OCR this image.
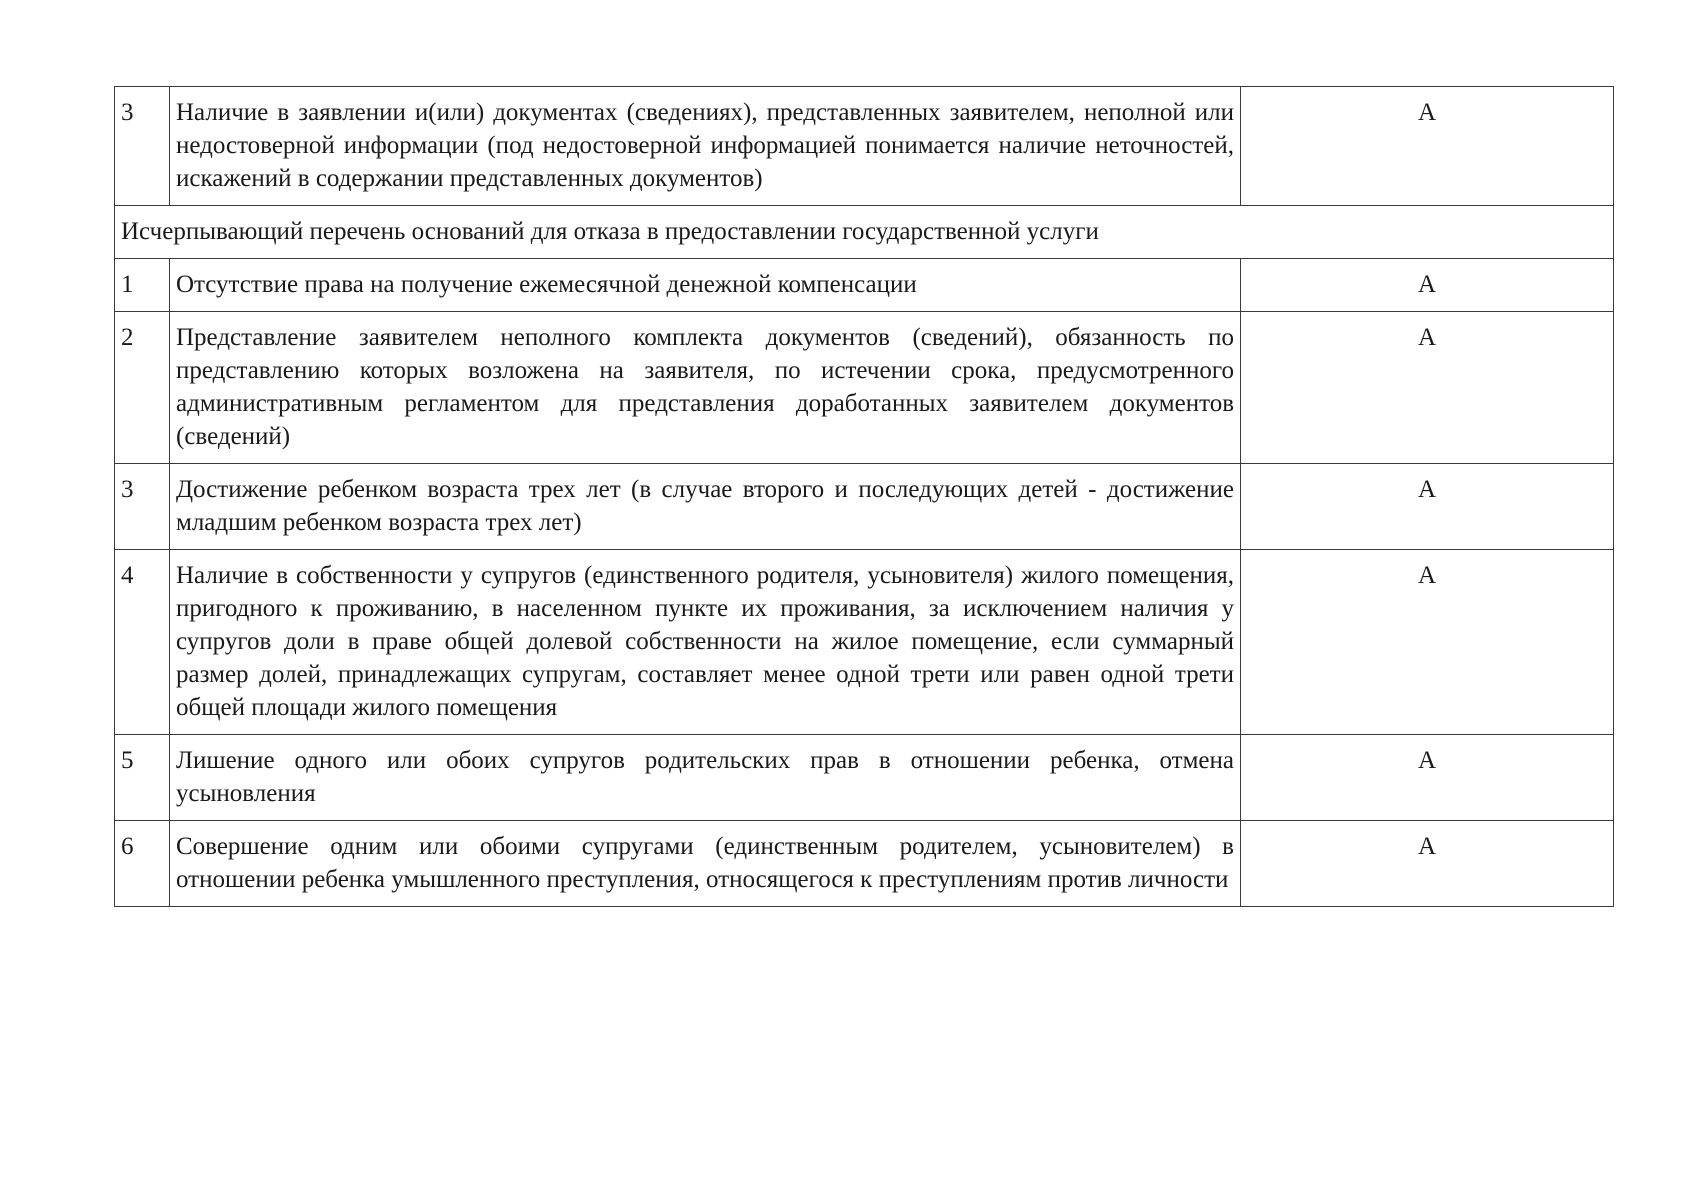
3	Наличие в заявлении и(или) документах (сведениях), представленных заявителем, неполной или недостоверной информации (под недостоверной информацией понимается наличие неточностей, искажений в содержании представленных документов)	А
Исчерпывающий перечень оснований для отказа в предоставлении государственной услуги		
1	Отсутствие права на получение ежемесячной денежной компенсации	А
2	Представление заявителем неполного комплекта документов (сведений), обязанность по представлению которых возложена на заявителя, по истечении срока, предусмотренного административным регламентом для представления доработанных заявителем документов (сведений)	А
3	Достижение ребенком возраста трех лет (в случае второго и последующих детей - достижение младшим ребенком возраста трех лет)	А
4	Наличие в собственности у супругов (единственного родителя, усыновителя) жилого помещения, пригодного к проживанию, в населенном пункте их проживания, за исключением наличия у супругов доли в праве общей долевой собственности на жилое помещение, если суммарный размер долей, принадлежащих супругам, составляет менее одной трети или равен одной трети общей площади жилого помещения	А
5	Лишение одного или обоих супругов родительских прав в отношении ребенка, отмена усыновления	А
6	Совершение одним или обоими супругами (единственным родителем, усыновителем) в отношении ребенка умышленного преступления, относящегося к преступлениям против личности	А
